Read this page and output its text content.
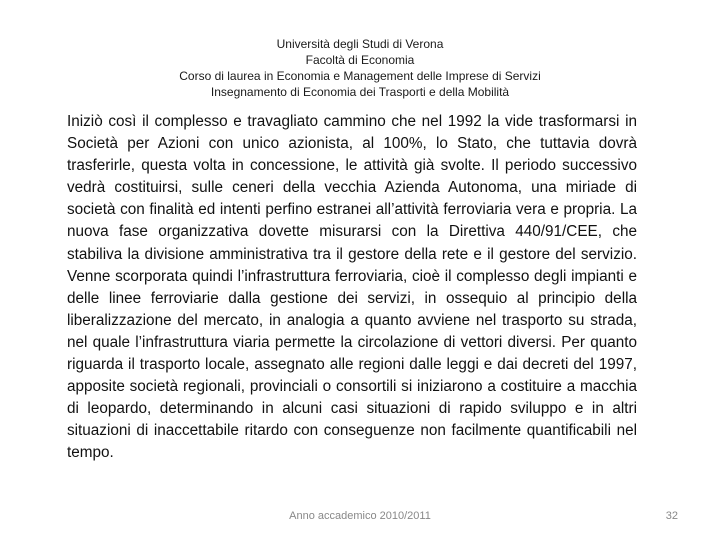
Università degli Studi di Verona
Facoltà di Economia
Corso di laurea in Economia e Management delle Imprese di Servizi
Insegnamento di Economia dei Trasporti e della Mobilità

Iniziò così il complesso e travagliato cammino che nel 1992 la vide trasformarsi in Società per Azioni con unico azionista, al 100%, lo Stato, che tuttavia dovrà trasferirle, questa volta in concessione, le attività già svolte. Il periodo successivo vedrà costituirsi, sulle ceneri della vecchia Azienda Autonoma, una miriade di società con finalità ed intenti perfino estranei all’attività ferroviaria vera e propria. La nuova fase organizzativa dovette misurarsi con la Direttiva 440/91/CEE, che stabiliva la divisione amministrativa tra il gestore della rete e il gestore del servizio. Venne scorporata quindi l’infrastruttura ferroviaria, cioè il complesso degli impianti e delle linee ferroviarie dalla gestione dei servizi, in ossequio al principio della liberalizzazione del mercato, in analogia a quanto avviene nel trasporto su strada, nel quale l’infrastruttura viaria permette la circolazione di vettori diversi. Per quanto riguarda il trasporto locale, assegnato alle regioni dalle leggi e dai decreti del 1997, apposite società regionali, provinciali o consortili si iniziarono a costituire a macchia di leopardo, determinando in alcuni casi situazioni di rapido sviluppo e in altri situazioni di inaccettabile ritardo con conseguenze non facilmente quantificabili nel tempo.

Anno accademico 2010/2011	32
